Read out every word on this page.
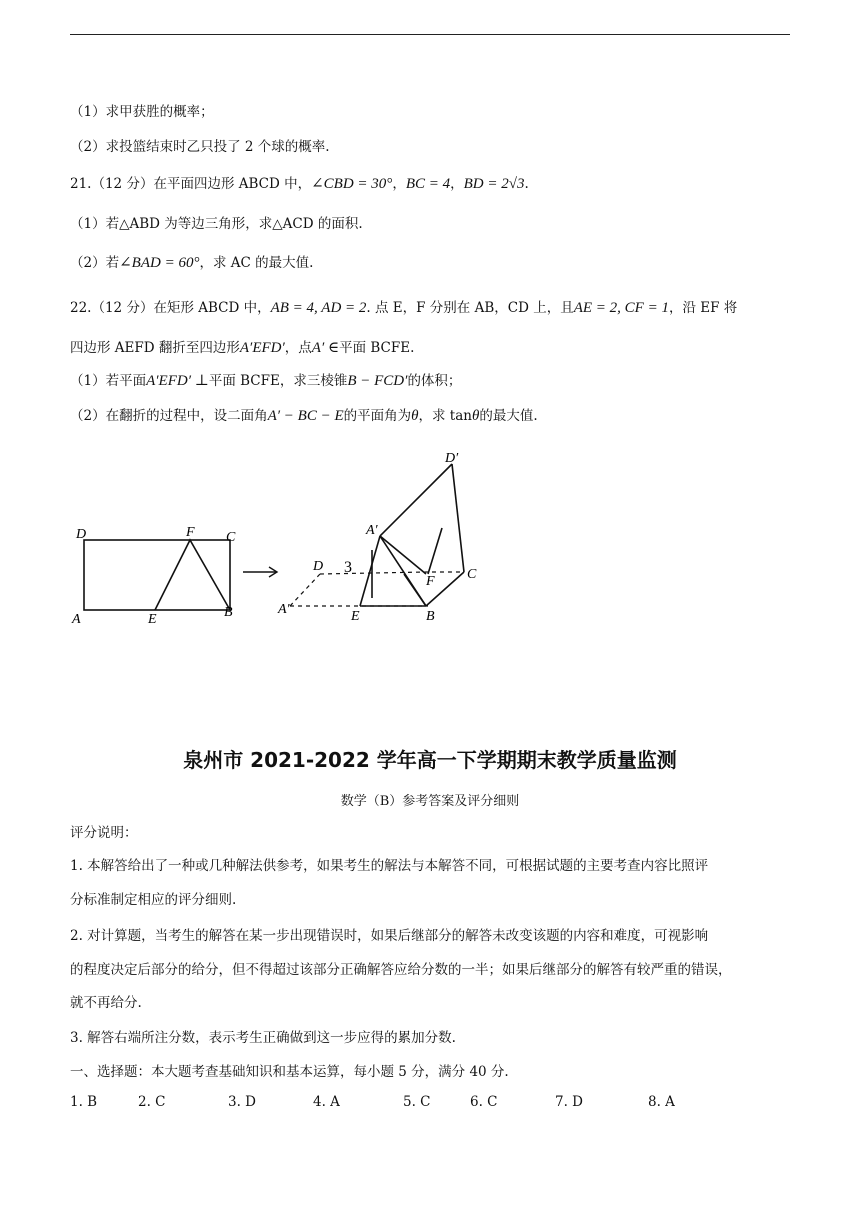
（1）求甲获胜的概率；
（2）求投篮结束时乙只投了 2 个球的概率.
21.（12 分）在平面四边形 ABCD 中，∠CBD = 30°，BC = 4，BD = 2√3.
（1）若△ABD 为等边三角形，求△ACD 的面积.
（2）若∠BAD = 60°，求 AC 的最大值.
22.（12 分）在矩形 ABCD 中，AB = 4, AD = 2. 点 E，F 分别在 AB，CD 上，且AE = 2, CF = 1，沿 EF 将
四边形 AEFD 翻折至四边形A′EFD′，点A′ ∈平面 BCFE.
（1）若平面A′EFD′ ⊥平面 BCFE，求三棱锥B − FCD′的体积；
（2）在翻折的过程中，设二面角A′ − BC − E的平面角为θ，求 tanθ的最大值.
D	F C
A	E	B
D′
A′
D 3
F C
A′	E	B
泉州市 2021-2022 学年高一下学期期末教学质量监测
数学（B）参考答案及评分细则
评分说明：
1. 本解答给出了一种或几种解法供参考，如果考生的解法与本解答不同，可根据试题的主要考查内容比照评
分标准制定相应的评分细则.
2. 对计算题，当考生的解答在某一步出现错误时，如果后继部分的解答未改变该题的内容和难度，可视影响
的程度决定后部分的给分，但不得超过该部分正确解答应给分数的一半；如果后继部分的解答有较严重的错误，
就不再给分.
3. 解答右端所注分数，表示考生正确做到这一步应得的累加分数.
一、选择题：本大题考查基础知识和基本运算，每小题 5 分，满分 40 分.
1. B	2. C	3. D	4. A	5. C	6. C	7. D	8. A
